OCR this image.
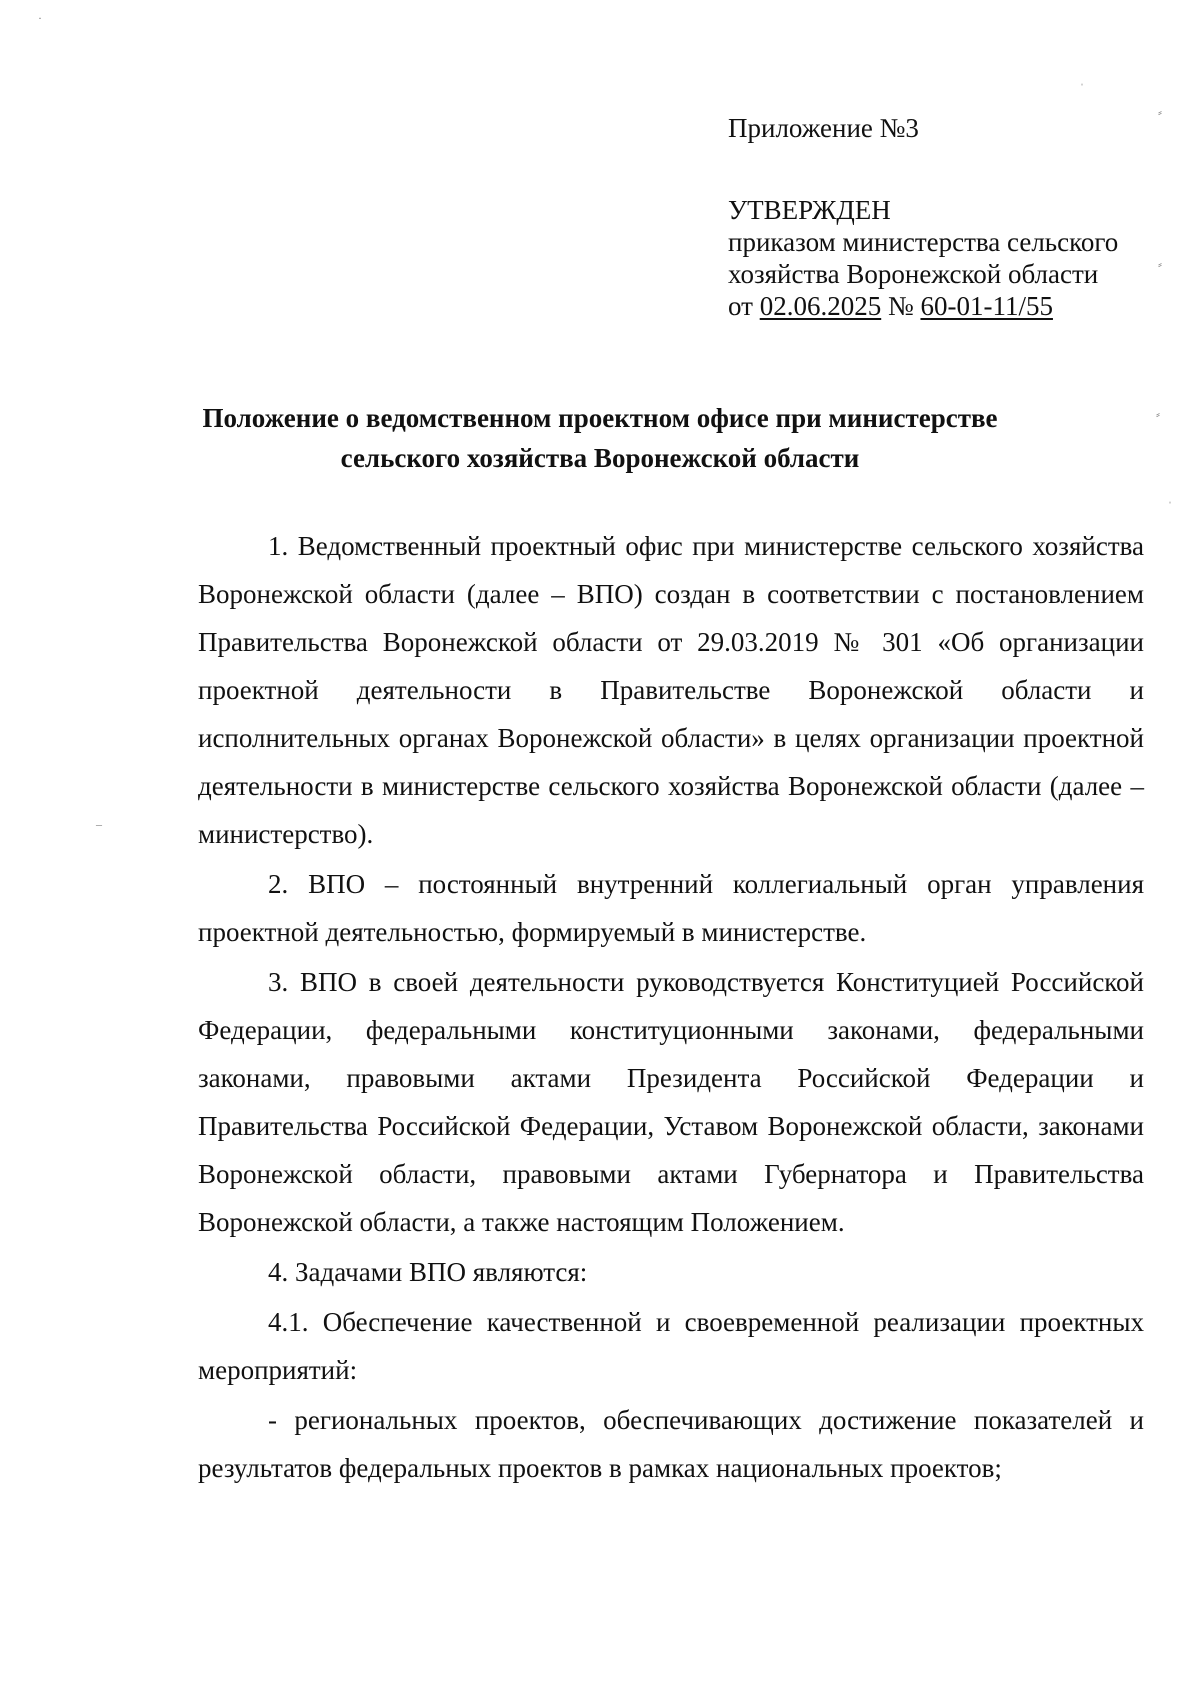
Приложение №3

УТВЕРЖДЕН
приказом министерства сельского
хозяйства Воронежской области
от 02.06.2025 № 60-01-11/55
Положение о ведомственном проектном офисе при министерстве
сельского хозяйства Воронежской области

1. Ведомственный проектный офис при министерстве сельского хозяйства Воронежской области (далее – ВПО) создан в соответствии с постановлением Правительства Воронежской области от 29.03.2019 № 301 «Об организации проектной деятельности в Правительстве Воронежской области и исполнительных органах Воронежской области» в целях организации проектной деятельности в министерстве сельского хозяйства Воронежской области (далее – министерство).

2. ВПО – постоянный внутренний коллегиальный орган управления проектной деятельностью, формируемый в министерстве.

3. ВПО в своей деятельности руководствуется Конституцией Российской Федерации, федеральными конституционными законами, федеральными законами, правовыми актами Президента Российской Федерации и Правительства Российской Федерации, Уставом Воронежской области, законами Воронежской области, правовыми актами Губернатора и Правительства Воронежской области, а также настоящим Положением.

4. Задачами ВПО являются:

4.1. Обеспечение качественной и своевременной реализации проектных мероприятий:

- региональных проектов, обеспечивающих достижение показателей и результатов федеральных проектов в рамках национальных проектов;

·
ˈ
⸗
⸗
⸗
ˈ
–
